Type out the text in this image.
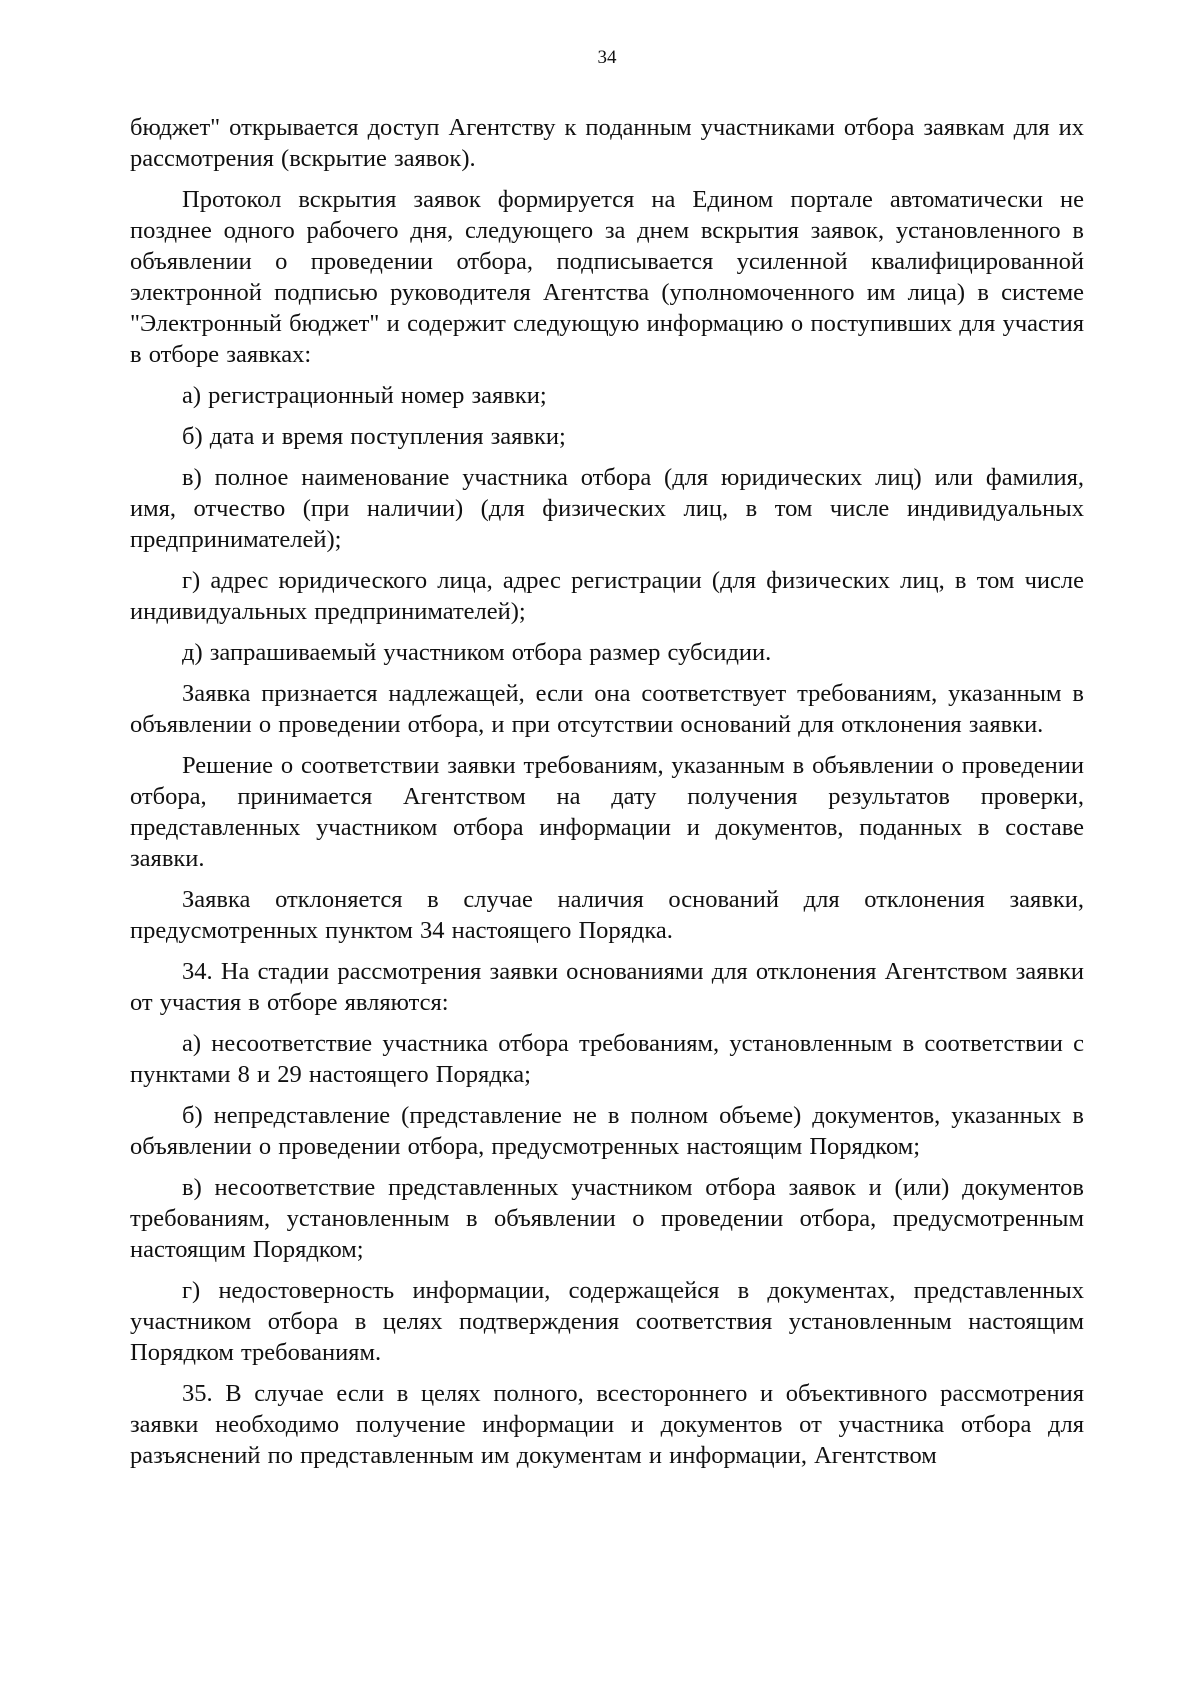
34

бюджет" открывается доступ Агентству к поданным участниками отбора заявкам для их рассмотрения (вскрытие заявок).

Протокол вскрытия заявок формируется на Едином портале автоматически не позднее одного рабочего дня, следующего за днем вскрытия заявок, установленного в объявлении о проведении отбора, подписывается усиленной квалифицированной электронной подписью руководителя Агентства (уполномоченного им лица) в системе "Электронный бюджет" и содержит следующую информацию о поступивших для участия в отборе заявках:

а) регистрационный номер заявки;

б) дата и время поступления заявки;

в) полное наименование участника отбора (для юридических лиц) или фамилия, имя, отчество (при наличии) (для физических лиц, в том числе индивидуальных предпринимателей);

г) адрес юридического лица, адрес регистрации (для физических лиц, в том числе индивидуальных предпринимателей);

д) запрашиваемый участником отбора размер субсидии.

Заявка признается надлежащей, если она соответствует требованиям, указанным в объявлении о проведении отбора, и при отсутствии оснований для отклонения заявки.

Решение о соответствии заявки требованиям, указанным в объявлении о проведении отбора, принимается Агентством на дату получения результатов проверки, представленных участником отбора информации и документов, поданных в составе заявки.

Заявка отклоняется в случае наличия оснований для отклонения заявки, предусмотренных пунктом 34 настоящего Порядка.

34. На стадии рассмотрения заявки основаниями для отклонения Агентством заявки от участия в отборе являются:

а) несоответствие участника отбора требованиям, установленным в соответствии с пунктами 8 и 29 настоящего Порядка;

б) непредставление (представление не в полном объеме) документов, указанных в объявлении о проведении отбора, предусмотренных настоящим Порядком;

в) несоответствие представленных участником отбора заявок и (или) документов требованиям, установленным в объявлении о проведении отбора, предусмотренным настоящим Порядком;

г) недостоверность информации, содержащейся в документах, представленных участником отбора в целях подтверждения соответствия установленным настоящим Порядком требованиям.

35. В случае если в целях полного, всестороннего и объективного рассмотрения заявки необходимо получение информации и документов от участника отбора для разъяснений по представленным им документам и информации, Агентством
